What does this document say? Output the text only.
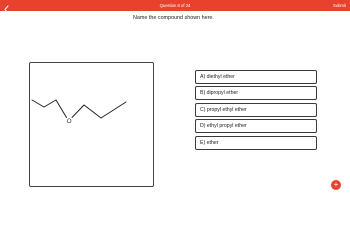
Question 8 of 24	Submit
Name the compound shown here.
O
A) diethyl ether
B) dipropyl ether
C) propyl ethyl ether
D) ethyl propyl ether
E) ether
+
